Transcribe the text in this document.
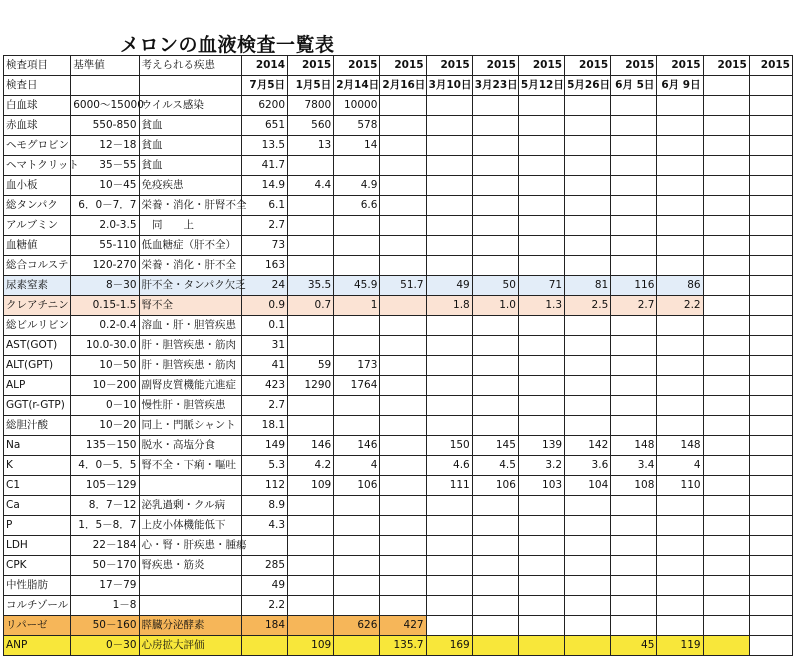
メロンの血液検査一覧表
検査項目	基準値	考えられる疾患	2014	2015	2015	2015	2015	2015	2015	2015	2015	2015	2015	2015
検査日			7月5日	1月5日	2月14日	2月16日	3月10日	3月23日	5月12日	5月26日	6月 5日	6月 9日		
白血球	6000～15000	ウイルス感染	6200	7800	10000									
赤血球	550-850	貧血	651	560	578									
ヘモグロビン	12－18	貧血	13.5	13	14									
ヘマトクリット	35－55	貧血	41.7											
血小板	10－45	免疫疾患	14.9	4.4	4.9									
総タンパク	6．0－7．7	栄養・消化・肝腎不全	6.1		6.6									
アルブミン	2.0-3.5	　同　　上	2.7											
血糖値	55-110	低血糖症（肝不全）	73											
総合コルステ	120-270	栄養・消化・肝不全	163											
尿素窒素	8－30	肝不全・タンパク欠乏	24	35.5	45.9	51.7	49	50	71	81	116	86		
クレアチニン	0.15-1.5	腎不全	0.9	0.7	1		1.8	1.0	1.3	2.5	2.7	2.2		
総ビルリビン	0.2-0.4	溶血・肝・胆管疾患	0.1											
AST(GOT)	10.0-30.0	肝・胆管疾患・筋肉	31											
ALT(GPT)	10－50	肝・胆管疾患・筋肉	41	59	173									
ALP	10－200	副腎皮質機能亢進症	423	1290	1764									
GGT(r-GTP)	0－10	慢性肝・胆管疾患	2.7											
総胆汁酸	10－20	同上・門脈シャント	18.1											
Na	135－150	脱水・高塩分食	149	146	146		150	145	139	142	148	148		
K	4．0－5．5	腎不全・下痢・嘔吐	5.3	4.2	4		4.6	4.5	3.2	3.6	3.4	4		
C1	105－129		112	109	106		111	106	103	104	108	110		
Ca	8．7－12	泌乳過剰・クル病	8.9											
P	1．5－8．7	上皮小体機能低下	4.3											
LDH	22－184	心・腎・肝疾患・腫瘍												
CPK	50－170	腎疾患・筋炎	285											
中性脂肪	17－79		49											
コルチゾール	1－8		2.2											
リパーゼ	50－160	膵臓分泌酵素	184		626	427								
ANP	0－30	心房拡大評価		109		135.7	169				45	119		
